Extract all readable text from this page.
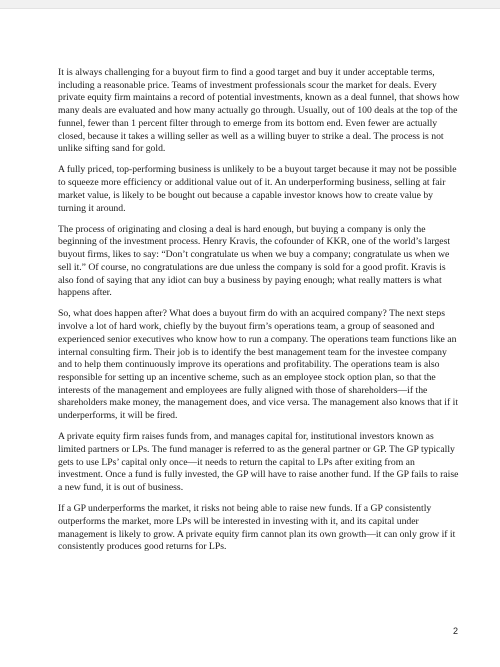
It is always challenging for a buyout firm to find a good target and buy it under acceptable terms, including a reasonable price. Teams of investment professionals scour the market for deals. Every private equity firm maintains a record of potential investments, known as a deal funnel, that shows how many deals are evaluated and how many actually go through. Usually, out of 100 deals at the top of the funnel, fewer than 1 percent filter through to emerge from its bottom end. Even fewer are actually closed, because it takes a willing seller as well as a willing buyer to strike a deal. The process is not unlike sifting sand for gold.

A fully priced, top-performing business is unlikely to be a buyout target because it may not be possible to squeeze more efficiency or additional value out of it. An underperforming business, selling at fair market value, is likely to be bought out because a capable investor knows how to create value by turning it around.

The process of originating and closing a deal is hard enough, but buying a company is only the beginning of the investment process. Henry Kravis, the cofounder of KKR, one of the world’s largest buyout firms, likes to say: “Don’t congratulate us when we buy a company; congratulate us when we sell it.” Of course, no congratulations are due unless the company is sold for a good profit. Kravis is also fond of saying that any idiot can buy a business by paying enough; what really matters is what happens after.

So, what does happen after? What does a buyout firm do with an acquired company? The next steps involve a lot of hard work, chiefly by the buyout firm’s operations team, a group of seasoned and experienced senior executives who know how to run a company. The operations team functions like an internal consulting firm. Their job is to identify the best management team for the investee company and to help them continuously improve its operations and profitability. The operations team is also responsible for setting up an incentive scheme, such as an employee stock option plan, so that the interests of the management and employees are fully aligned with those of shareholders—if the shareholders make money, the management does, and vice versa. The management also knows that if it underperforms, it will be fired.

A private equity firm raises funds from, and manages capital for, institutional investors known as limited partners or LPs. The fund manager is referred to as the general partner or GP. The GP typically gets to use LPs’ capital only once—it needs to return the capital to LPs after exiting from an investment. Once a fund is fully invested, the GP will have to raise another fund. If the GP fails to raise a new fund, it is out of business.

If a GP underperforms the market, it risks not being able to raise new funds. If a GP consistently outperforms the market, more LPs will be interested in investing with it, and its capital under management is likely to grow. A private equity firm cannot plan its own growth—it can only grow if it consistently produces good returns for LPs.

2
